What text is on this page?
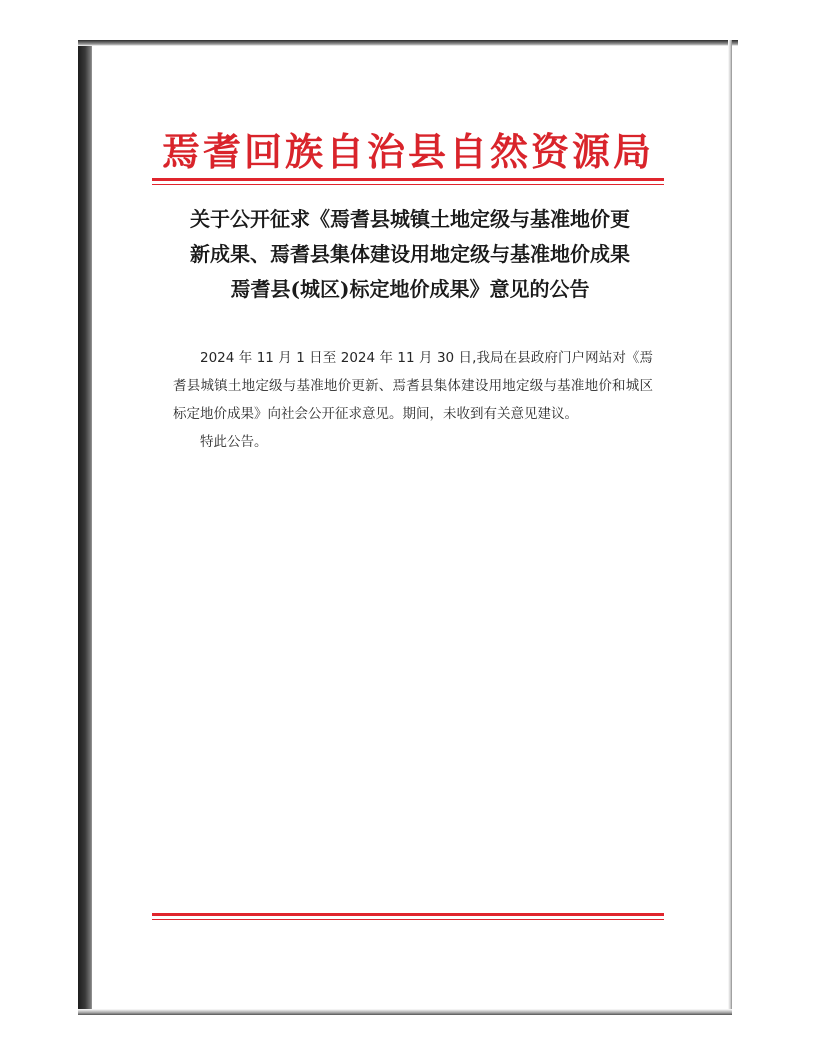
焉耆回族自治县自然资源局
关于公开征求《焉耆县城镇土地定级与基准地价更
新成果、焉耆县集体建设用地定级与基准地价成果
焉耆县(城区)标定地价成果》意见的公告

2024 年 11 月 1 日至 2024 年 11 月 30 日,我局在县政府门户网站对《焉耆县城镇土地定级与基准地价更新、焉耆县集体建设用地定级与基准地价和城区标定地价成果》向社会公开征求意见。期间，未收到有关意见建议。

特此公告。
